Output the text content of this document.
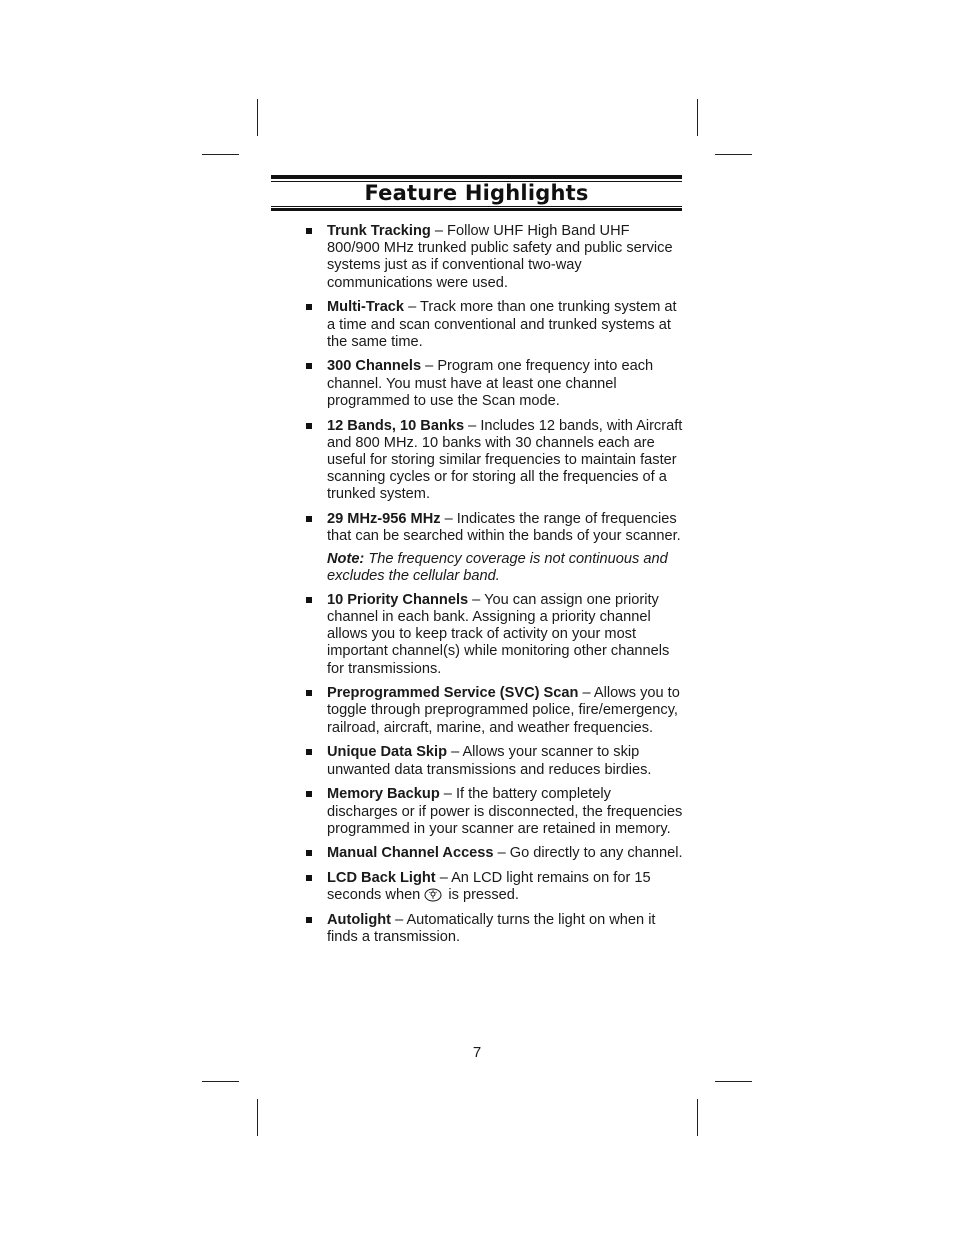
Feature Highlights
Trunk Tracking – Follow UHF High Band UHF 800/900 MHz trunked public safety and public service systems just as if conventional two-way communications were used.
Multi-Track – Track more than one trunking system at a time and scan conventional and trunked systems at the same time.
300 Channels – Program one frequency into each channel. You must have at least one channel programmed to use the Scan mode.
12 Bands, 10 Banks – Includes 12 bands, with Aircraft and 800 MHz. 10 banks with 30 channels each are useful for storing similar frequencies to maintain faster scanning cycles or for storing all the frequencies of a trunked system.
29 MHz-956 MHz – Indicates the range of frequencies that can be searched within the bands of your scanner.
Note: The frequency coverage is not continuous and excludes the cellular band.
10 Priority Channels – You can assign one priority channel in each bank. Assigning a priority channel allows you to keep track of activity on your most important channel(s) while monitoring other channels for transmissions.
Preprogrammed Service (SVC) Scan – Allows you to toggle through preprogrammed police, fire/emergency, railroad, aircraft, marine, and weather frequencies.
Unique Data Skip – Allows your scanner to skip unwanted data transmissions and reduces birdies.
Memory Backup – If the battery completely discharges or if power is disconnected, the frequencies programmed in your scanner are retained in memory.
Manual Channel Access – Go directly to any channel.
LCD Back Light – An LCD light remains on for 15 seconds when is pressed.
Autolight – Automatically turns the light on when it finds a transmission.
7
